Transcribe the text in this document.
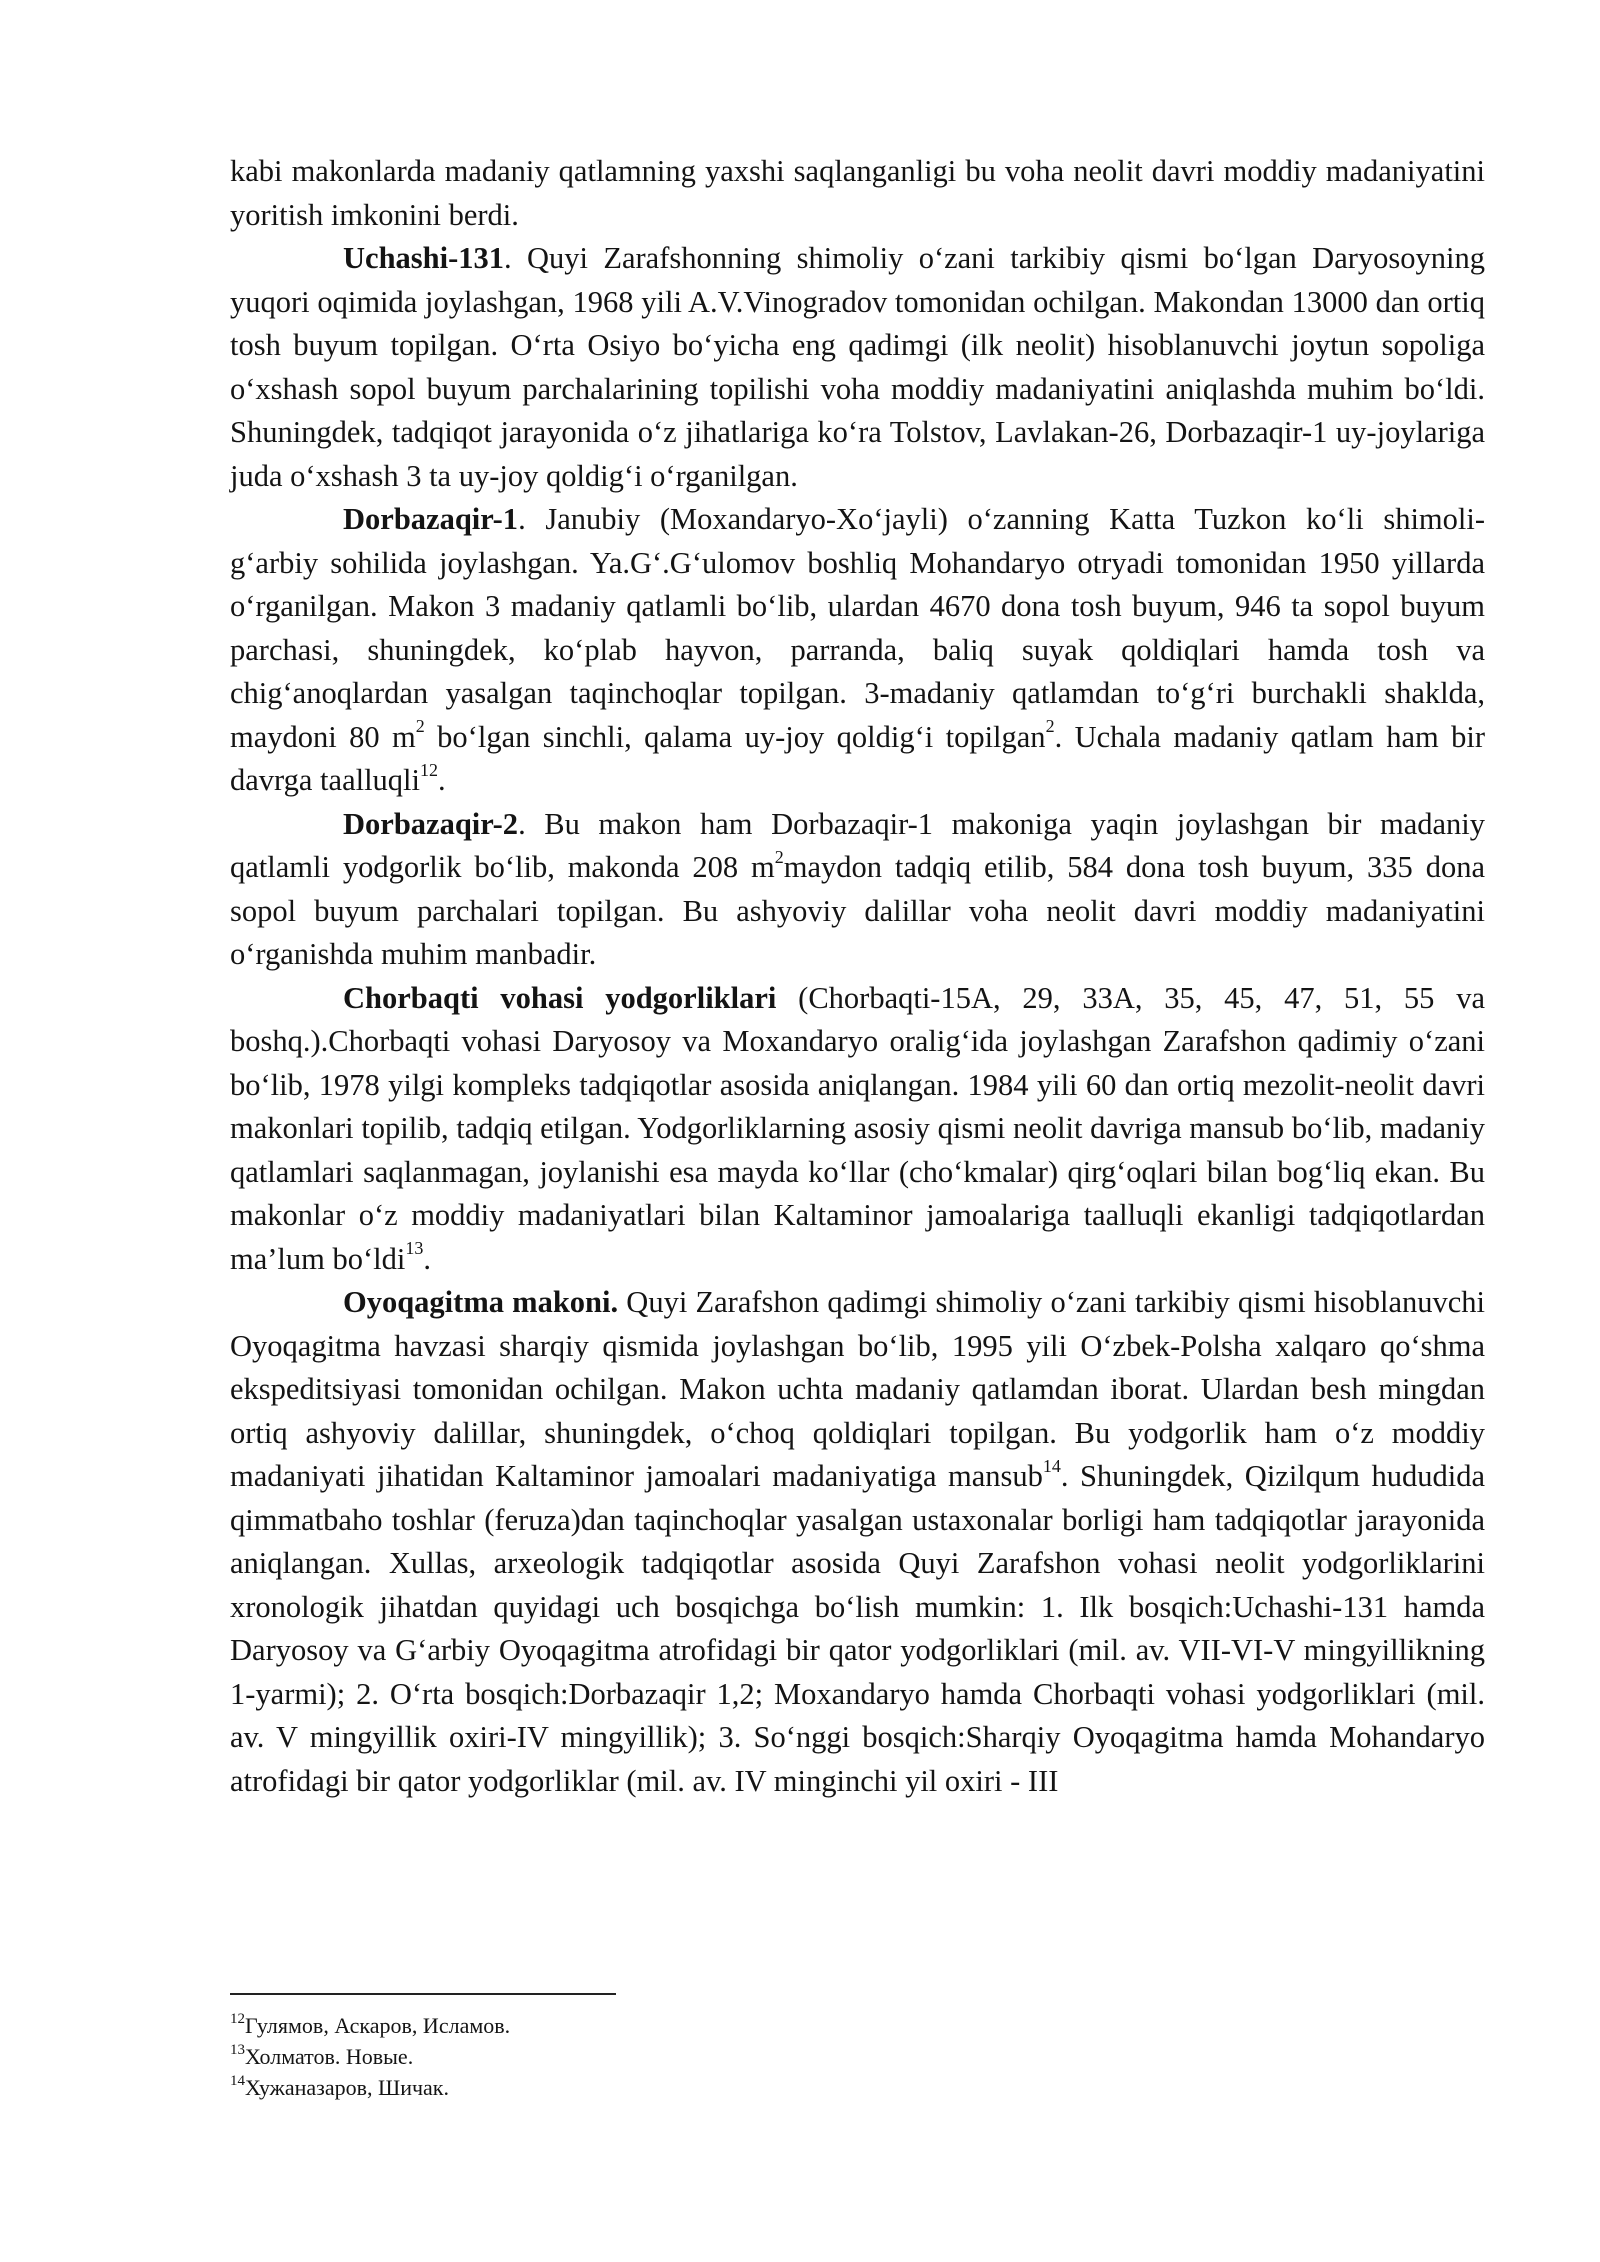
kabi makonlarda madaniy qatlamning yaxshi saqlanganligi bu voha neolit davri moddiy madaniyatini yoritish imkonini berdi.

Uchashi-131. Quyi Zarafshonning shimoliy o‘zani tarkibiy qismi bo‘lgan Daryosoyning yuqori oqimida joylashgan, 1968 yili A.V.Vinogradov tomonidan ochilgan. Makondan 13000 dan ortiq tosh buyum topilgan. O‘rta Osiyo bo‘yicha eng qadimgi (ilk neolit) hisoblanuvchi joytun sopoliga o‘xshash sopol buyum parchalarining topilishi voha moddiy madaniyatini aniqlashda muhim bo‘ldi. Shuningdek, tadqiqot jarayonida o‘z jihatlariga ko‘ra Tolstov, Lavlakan-26, Dorbazaqir-1 uy-joylariga juda o‘xshash 3 ta uy-joy qoldig‘i o‘rganilgan.

Dorbazaqir-1. Janubiy (Moxandaryo-Xo‘jayli) o‘zanning Katta Tuzkon ko‘li shimoli-g‘arbiy sohilida joylashgan. Ya.G‘.G‘ulomov boshliq Mohandaryo otryadi tomonidan 1950 yillarda o‘rganilgan. Makon 3 madaniy qatlamli bo‘lib, ulardan 4670 dona tosh buyum, 946 ta sopol buyum parchasi, shuningdek, ko‘plab hayvon, parranda, baliq suyak qoldiqlari hamda tosh va chig‘anoqlardan yasalgan taqinchoqlar topilgan. 3-madaniy qatlamdan to‘g‘ri burchakli shaklda, maydoni 80 $m^2$ bo‘lgan sinchli, qalama uy-joy qoldig‘i topilgan$^2$. Uchala madaniy qatlam ham bir davrga taalluqli$^{12}$.

Dorbazaqir-2. Bu makon ham Dorbazaqir-1 makoniga yaqin joylashgan bir madaniy qatlamli yodgorlik bo‘lib, makonda 208 $m^2maydon$ tadqiq etilib, 584 dona tosh buyum, 335 dona sopol buyum parchalari topilgan. Bu ashyoviy dalillar voha neolit davri moddiy madaniyatini o‘rganishda muhim manbadir.

Chorbaqti vohasi yodgorliklari (Chorbaqti-15A, 29, 33A, 35, 45, 47, 51, 55 va boshq.).Chorbaqti vohasi Daryosoy va Moxandaryo oralig‘ida joylashgan Zarafshon qadimiy o‘zani bo‘lib, 1978 yilgi kompleks tadqiqotlar asosida aniqlangan. 1984 yili 60 dan ortiq mezolit-neolit davri makonlari topilib, tadqiq etilgan. Yodgorliklarning asosiy qismi neolit davriga mansub bo‘lib, madaniy qatlamlari saqlanmagan, joylanishi esa mayda ko‘llar (cho‘kmalar) qirg‘oqlari bilan bog‘liq ekan. Bu makonlar o‘z moddiy madaniyatlari bilan Kaltaminor jamoalariga taalluqli ekanligi tadqiqotlardan ma’lum bo‘ldi$^{13}$.

Oyoqagitma makoni. Quyi Zarafshon qadimgi shimoliy o‘zani tarkibiy qismi hisoblanuvchi Oyoqagitma havzasi sharqiy qismida joylashgan bo‘lib, 1995 yili O‘zbek-Polsha xalqaro qo‘shma ekspeditsiyasi tomonidan ochilgan. Makon uchta madaniy qatlamdan iborat. Ulardan besh mingdan ortiq ashyoviy dalillar, shuningdek, o‘choq qoldiqlari topilgan. Bu yodgorlik ham o‘z moddiy madaniyati jihatidan Kaltaminor jamoalari madaniyatiga mansub$^{14}$. Shuningdek, Qizilqum hududida qimmatbaho toshlar (feruza)dan taqinchoqlar yasalgan ustaxonalar borligi ham tadqiqotlar jarayonida aniqlangan. Xullas, arxeologik tadqiqotlar asosida Quyi Zarafshon vohasi neolit yodgorliklarini xronologik jihatdan quyidagi uch bosqichga bo‘lish mumkin: 1. Ilk bosqich:Uchashi-131 hamda Daryosoy va G‘arbiy Oyoqagitma atrofidagi bir qator yodgorliklari (mil. av. VII-VI-V mingyillikning 1-yarmi); 2. O‘rta bosqich:Dorbazaqir 1,2; Moxandaryo hamda Chorbaqti vohasi yodgorliklari (mil. av. V mingyillik oxiri-IV mingyillik); 3. So‘nggi bosqich:Sharqiy Oyoqagitma hamda Mohandaryo atrofidagi bir qator yodgorliklar (mil. av. IV minginchi yil oxiri - III

$^{12}$Гулямов, Аскаров, Исламов.

$^{13}$Холматов. Новые.

$^{14}$Хужаназаров, Шичак.
